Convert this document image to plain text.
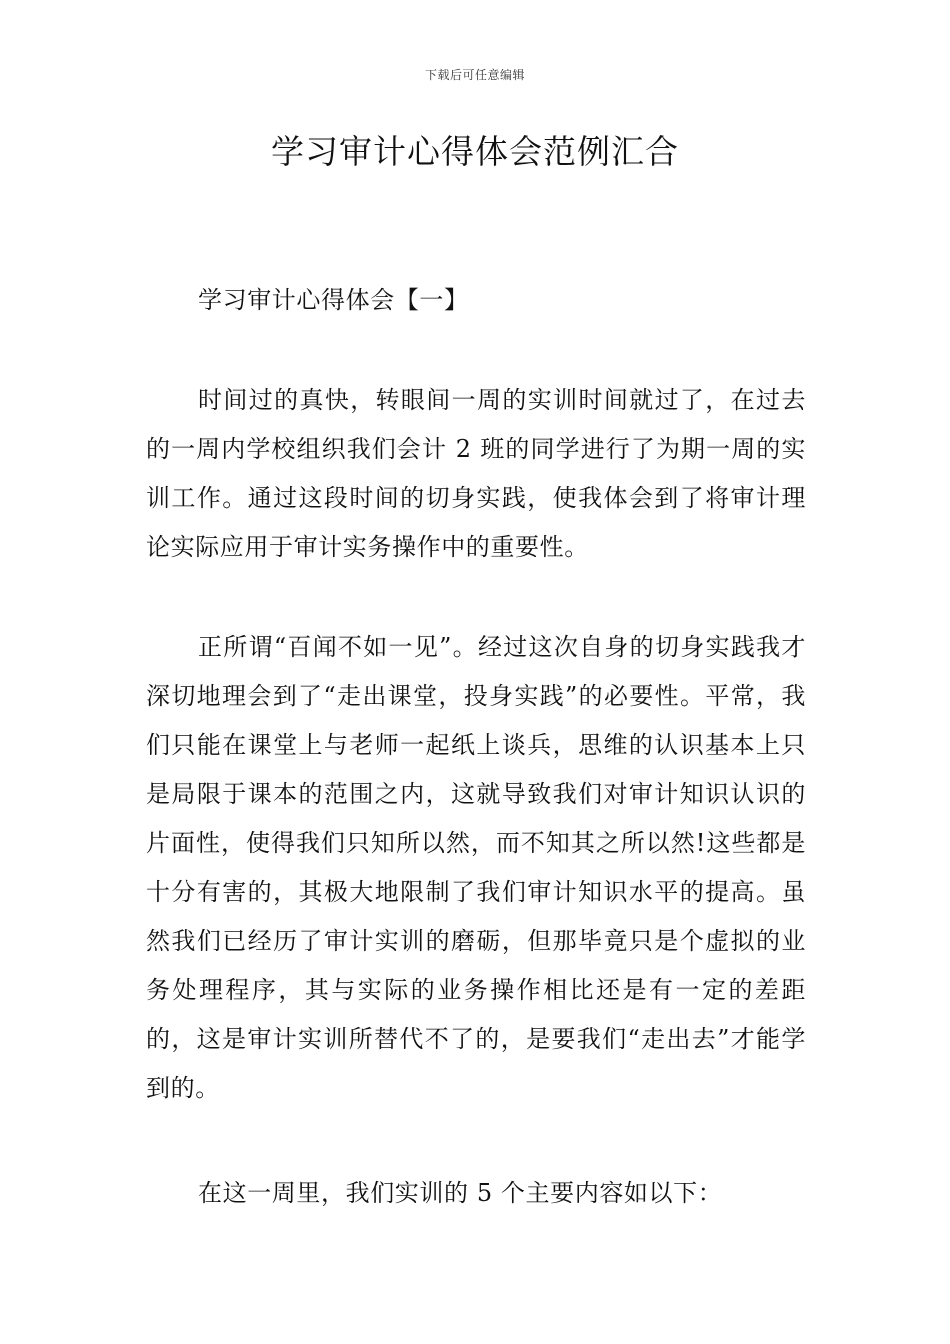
下载后可任意编辑
学习审计心得体会范例汇合

学习审计心得体会【一】

时间过的真快，转眼间一周的实训时间就过了，在过去的一周内学校组织我们会计 2 班的同学进行了为期一周的实训工作。通过这段时间的切身实践，使我体会到了将审计理论实际应用于审计实务操作中的重要性。

正所谓“百闻不如一见”。经过这次自身的切身实践我才深切地理会到了“走出课堂，投身实践”的必要性。平常，我们只能在课堂上与老师一起纸上谈兵，思维的认识基本上只是局限于课本的范围之内，这就导致我们对审计知识认识的片面性，使得我们只知所以然，而不知其之所以然!这些都是十分有害的，其极大地限制了我们审计知识水平的提高。虽然我们已经历了审计实训的磨砺，但那毕竟只是个虚拟的业务处理程序，其与实际的业务操作相比还是有一定的差距的，这是审计实训所替代不了的，是要我们“走出去”才能学到的。

在这一周里，我们实训的 5 个主要内容如以下：
